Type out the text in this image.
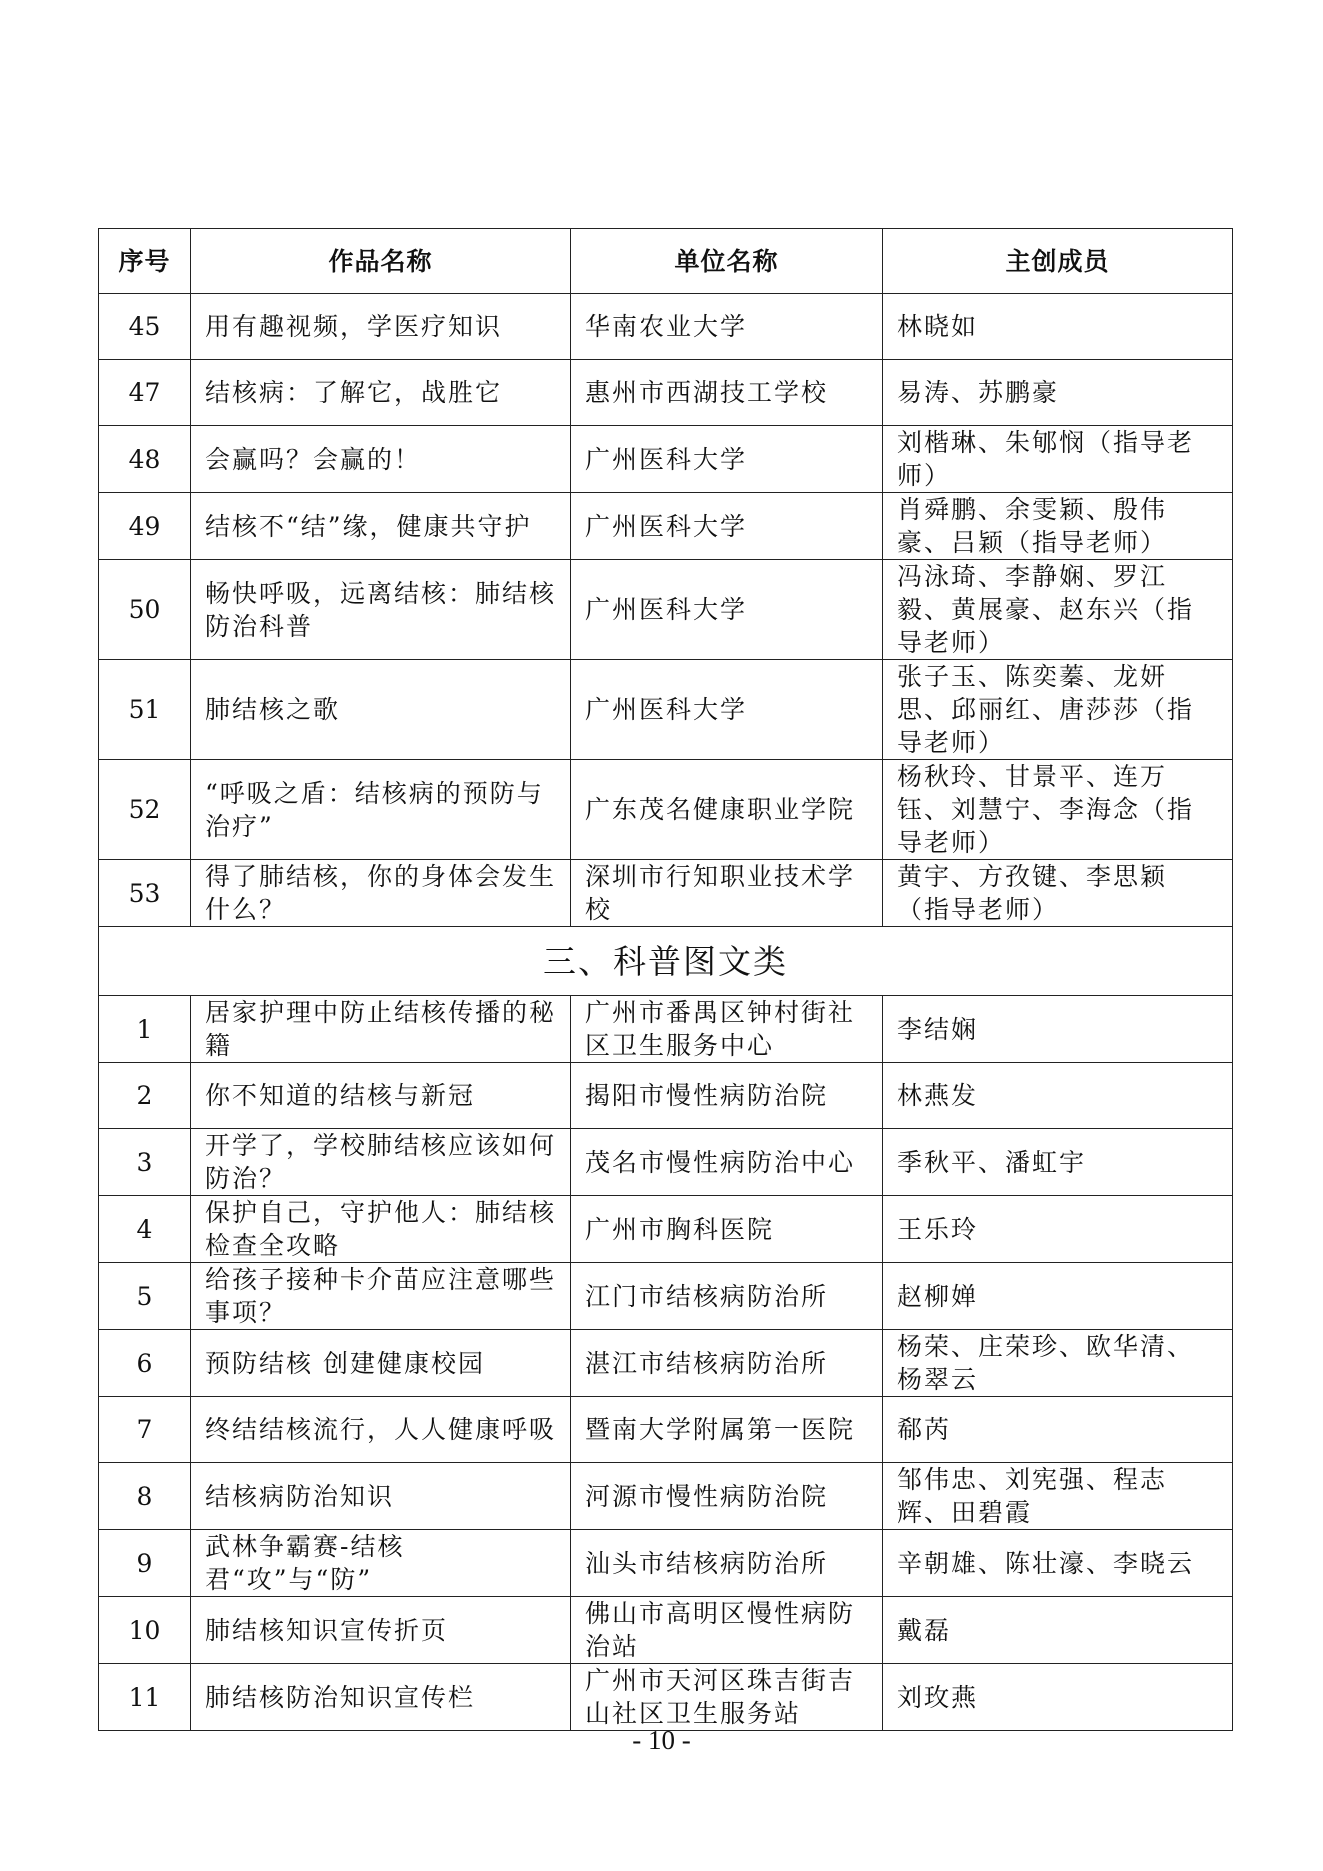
序号	作品名称	单位名称	主创成员
45	用有趣视频，学医疗知识	华南农业大学	林晓如
47	结核病：了解它，战胜它	惠州市西湖技工学校	易涛、苏鹏豪
48	会赢吗？会赢的！	广州医科大学	刘楷琳、朱郇悯（指导老师）
49	结核不“结”缘，健康共守护	广州医科大学	肖舜鹏、余雯颖、殷伟豪、吕颖（指导老师）
50	畅快呼吸，远离结核：肺结核防治科普	广州医科大学	冯泳琦、李静娴、罗江毅、黄展豪、赵东兴（指导老师）
51	肺结核之歌	广州医科大学	张子玉、陈奕蓁、龙妍思、邱丽红、唐莎莎（指导老师）
52	“呼吸之盾：结核病的预防与治疗”	广东茂名健康职业学院	杨秋玲、甘景平、连万钰、刘慧宁、李海念（指导老师）
53	得了肺结核，你的身体会发生什么？	深圳市行知职业技术学校	黄宇、方孜键、李思颖（指导老师）
三、科普图文类			
1	居家护理中防止结核传播的秘籍	广州市番禺区钟村街社区卫生服务中心	李结娴
2	你不知道的结核与新冠	揭阳市慢性病防治院	林燕发
3	开学了，学校肺结核应该如何防治？	茂名市慢性病防治中心	季秋平、潘虹宇
4	保护自己，守护他人：肺结核检查全攻略	广州市胸科医院	王乐玲
5	给孩子接种卡介苗应注意哪些事项？	江门市结核病防治所	赵柳婵
6	预防结核 创建健康校园	湛江市结核病防治所	杨荣、庄荣珍、欧华清、杨翠云
7	终结结核流行，人人健康呼吸	暨南大学附属第一医院	郗芮
8	结核病防治知识	河源市慢性病防治院	邹伟忠、刘宪强、程志辉、田碧霞
9	武林争霸赛-结核君“攻”与“防”	汕头市结核病防治所	辛朝雄、陈壮濠、李晓云
10	肺结核知识宣传折页	佛山市高明区慢性病防治站	戴磊
11	肺结核防治知识宣传栏	广州市天河区珠吉街吉山社区卫生服务站	刘玫燕
- 10 -
